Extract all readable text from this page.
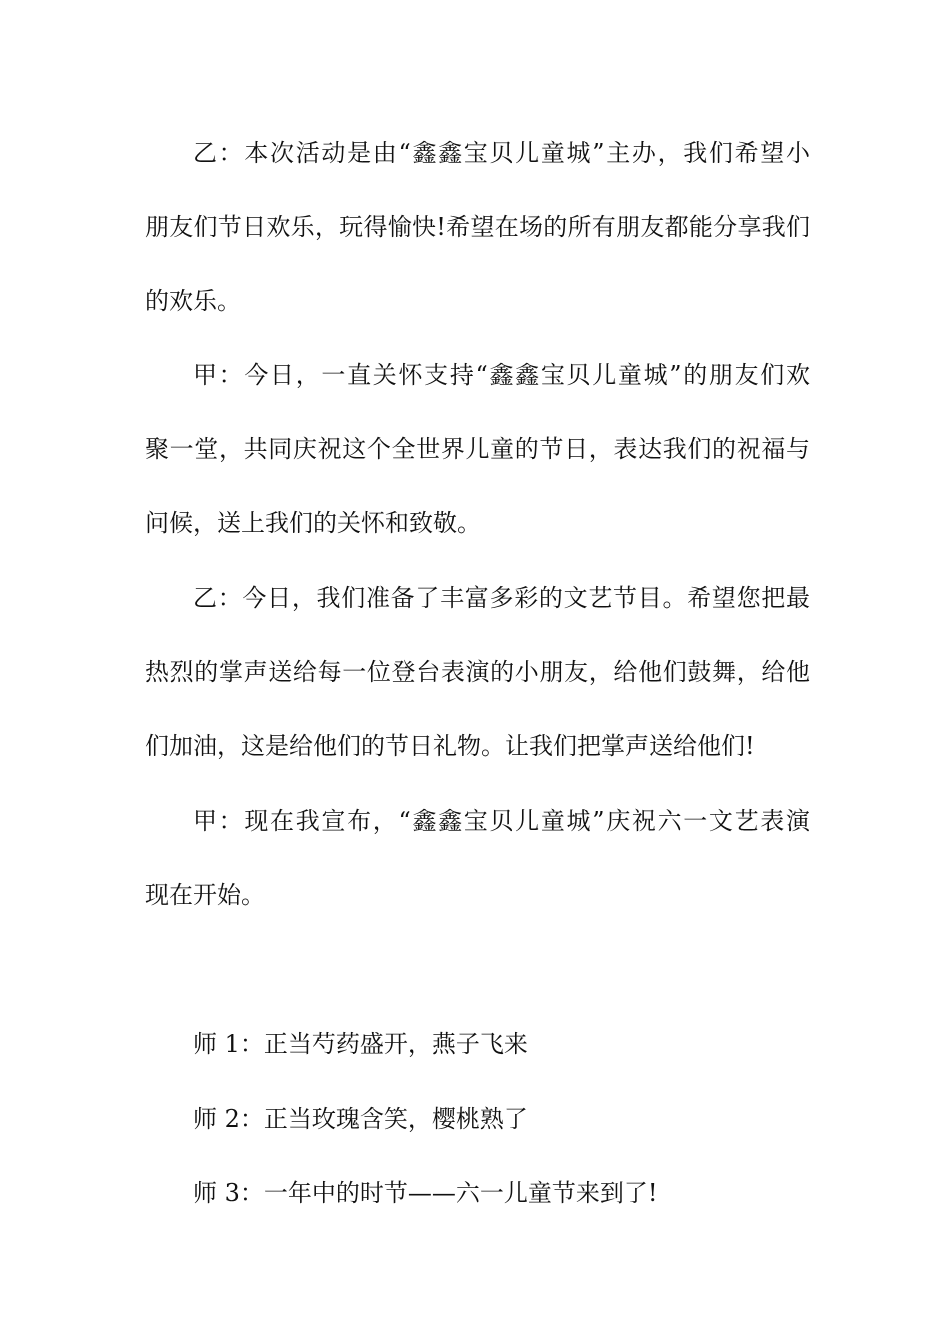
乙：本次活动是由“鑫鑫宝贝儿童城”主办，我们希望小
朋友们节日欢乐，玩得愉快!希望在场的所有朋友都能分享我们
的欢乐。
甲：今日，一直关怀支持“鑫鑫宝贝儿童城”的朋友们欢
聚一堂，共同庆祝这个全世界儿童的节日，表达我们的祝福与
问候，送上我们的关怀和致敬。
乙：今日，我们准备了丰富多彩的文艺节目。希望您把最
热烈的掌声送给每一位登台表演的小朋友，给他们鼓舞，给他
们加油，这是给他们的节日礼物。让我们把掌声送给他们!
甲：现在我宣布，“鑫鑫宝贝儿童城”庆祝六一文艺表演
现在开始。
师 1：正当芍药盛开，燕子飞来
师 2：正当玫瑰含笑，樱桃熟了
师 3：一年中的时节——六一儿童节来到了!
